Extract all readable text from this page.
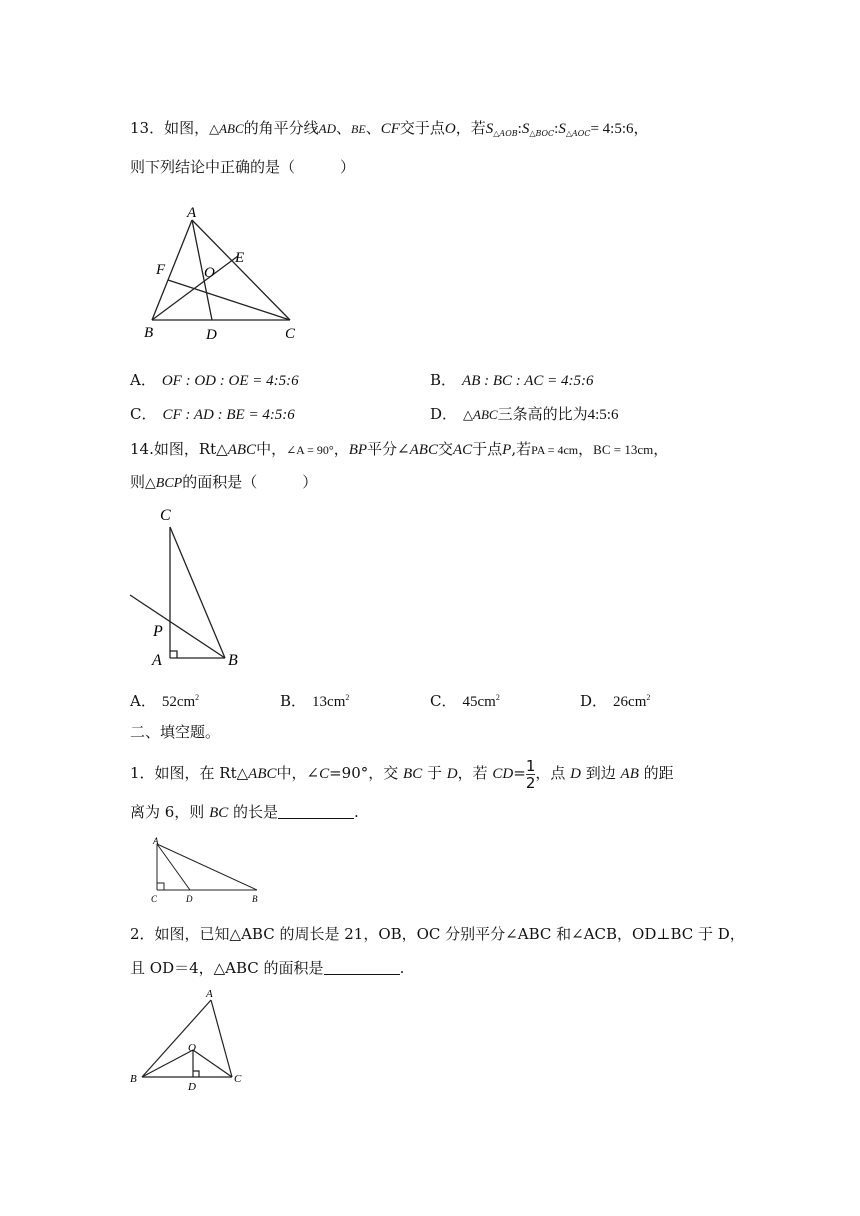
13．如图，△ABC的角平分线AD、BE、CF交于点O，若$S_{\triangle AOB}:S_{\triangle BOC}:S_{\triangle AOC}=$ 4:5:6，
则下列结论中正确的是（　　　）
A
B	C
D
E
F	O
A． OF : OD : OE = 4:5:6	B． AB : BC : AC = 4:5:6
C． CF : AD : BE = 4:5:6	D． △ABC三条高的比为4:5:6
14.如图，Rt△ABC中，∠A = 90°，BP平分∠ABC交AC于点P,若PA = 4cm，BC = 13cm，
则△BCP的面积是（　　　）
C
P
A	B
A． $52cm^2$	B． $13cm^2$	C． $45cm^2$	D． $26cm^2$
二、填空题。
1．如图，在 Rt△ABC中，∠C=90°，交 BC 于 D，若 $CD= \frac{1}{2}$ ，点 D 到边 AB 的距
离为 6，则 BC 的长是	.
A
C	D	B
2．如图，已知△ABC 的周长是 21，OB，OC 分别平分∠ABC 和∠ACB，OD⊥BC 于 D，
且 OD＝4，△ABC 的面积是	.
A
B	C
O
D
